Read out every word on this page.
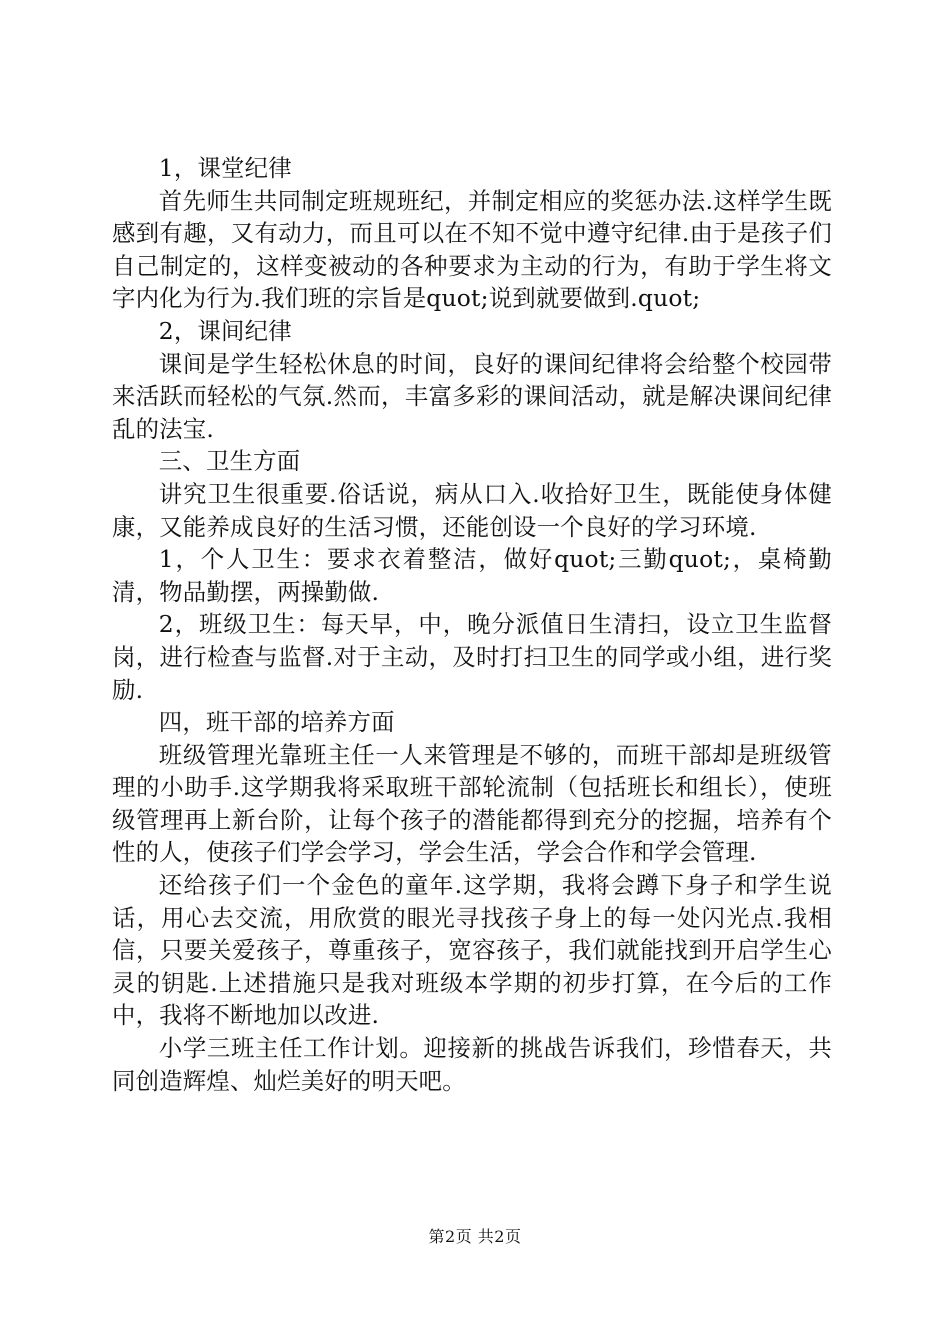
1，课堂纪律

首先师生共同制定班规班纪，并制定相应的奖惩办法.这样学生既感到有趣，又有动力，而且可以在不知不觉中遵守纪律.由于是孩子们自己制定的，这样变被动的各种要求为主动的行为，有助于学生将文字内化为行为.我们班的宗旨是quot;说到就要做到.quot;

2，课间纪律

课间是学生轻松休息的时间，良好的课间纪律将会给整个校园带来活跃而轻松的气氛.然而，丰富多彩的课间活动，就是解决课间纪律乱的法宝.

三、卫生方面

讲究卫生很重要.俗话说，病从口入.收拾好卫生，既能使身体健康，又能养成良好的生活习惯，还能创设一个良好的学习环境.

1，个人卫生：要求衣着整洁，做好quot;三勤quot;，桌椅勤清，物品勤摆，两操勤做.

2，班级卫生：每天早，中，晚分派值日生清扫，设立卫生监督岗，进行检查与监督.对于主动，及时打扫卫生的同学或小组，进行奖励.

四，班干部的培养方面

班级管理光靠班主任一人来管理是不够的，而班干部却是班级管理的小助手.这学期我将采取班干部轮流制（包括班长和组长），使班级管理再上新台阶，让每个孩子的潜能都得到充分的挖掘，培养有个性的人，使孩子们学会学习，学会生活，学会合作和学会管理.

还给孩子们一个金色的童年.这学期，我将会蹲下身子和学生说话，用心去交流，用欣赏的眼光寻找孩子身上的每一处闪光点.我相信，只要关爱孩子，尊重孩子，宽容孩子，我们就能找到开启学生心灵的钥匙.上述措施只是我对班级本学期的初步打算，在今后的工作中，我将不断地加以改进.

小学三班主任工作计划。迎接新的挑战告诉我们，珍惜春天，共同创造辉煌、灿烂美好的明天吧。

第2页 共2页
